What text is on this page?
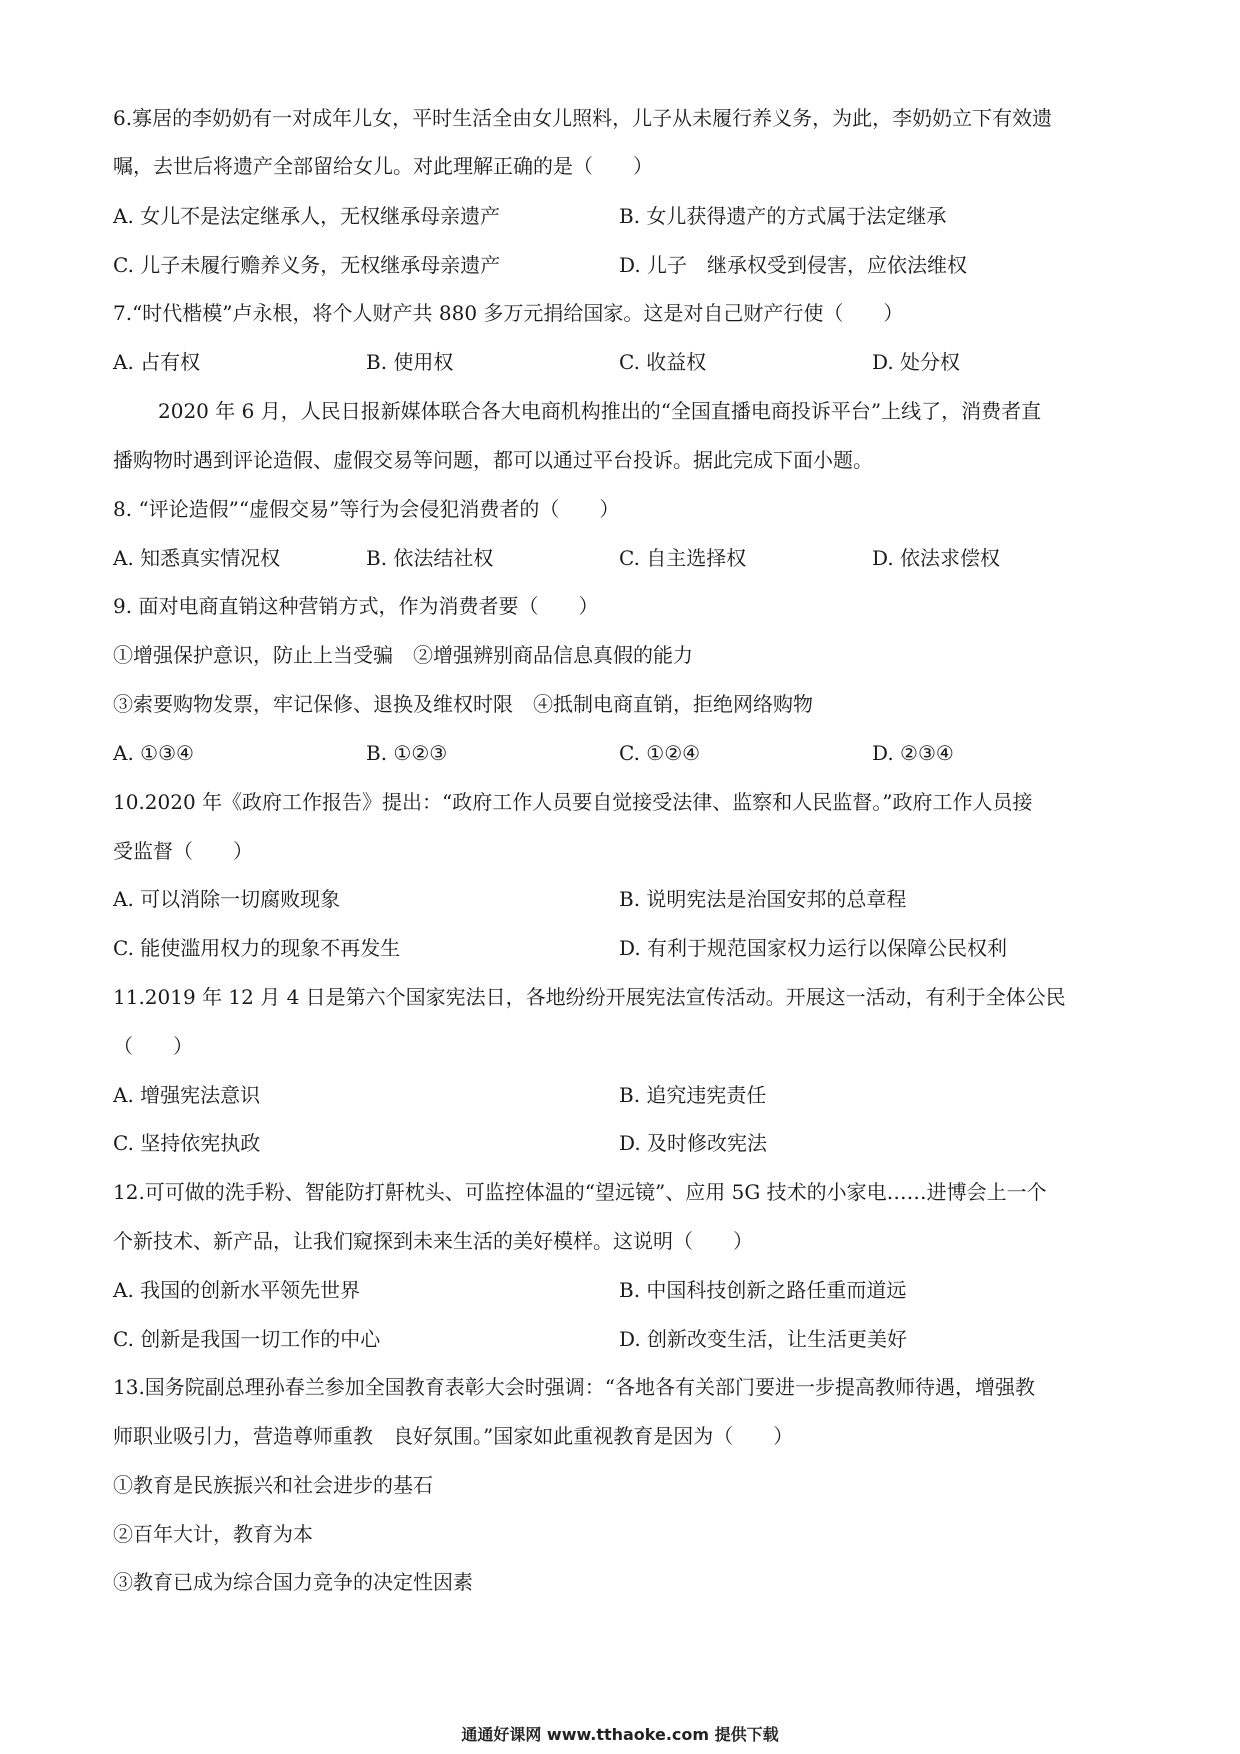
6.寡居的李奶奶有一对成年儿女，平时生活全由女儿照料，儿子从未履行养义务，为此，李奶奶立下有效遗
嘱，去世后将遗产全部留给女儿。对此理解正确的是（　　）
A. 女儿不是法定继承人，无权继承母亲遗产	B. 女儿获得遗产的方式属于法定继承
C. 儿子未履行赡养义务，无权继承母亲遗产	D. 儿子　继承权受到侵害，应依法维权
7.“时代楷模”卢永根，将个人财产共 880 多万元捐给国家。这是对自己财产行使（　　）
A. 占有权	B. 使用权	C. 收益权	D. 处分权
2020 年 6 月，人民日报新媒体联合各大电商机构推出的“全国直播电商投诉平台”上线了，消费者直
播购物时遇到评论造假、虚假交易等问题，都可以通过平台投诉。据此完成下面小题。
8. “评论造假”“虚假交易”等行为会侵犯消费者的（　　）
A. 知悉真实情况权	B. 依法结社权	C. 自主选择权	D. 依法求偿权
9. 面对电商直销这种营销方式，作为消费者要（　　）
①增强保护意识，防止上当受骗　②增强辨别商品信息真假的能力
③索要购物发票，牢记保修、退换及维权时限　④抵制电商直销，拒绝网络购物
A. ①③④	B. ①②③	C. ①②④	D. ②③④
10.2020 年《政府工作报告》提出：“政府工作人员要自觉接受法律、监察和人民监督。”政府工作人员接
受监督（　　）
A. 可以消除一切腐败现象	B. 说明宪法是治国安邦的总章程
C. 能使滥用权力的现象不再发生	D. 有利于规范国家权力运行以保障公民权利
11.2019 年 12 月 4 日是第六个国家宪法日，各地纷纷开展宪法宣传活动。开展这一活动，有利于全体公民
（　　）
A. 增强宪法意识	B. 追究违宪责任
C. 坚持依宪执政	D. 及时修改宪法
12.可可做的洗手粉、智能防打鼾枕头、可监控体温的“望远镜”、应用 5G 技术的小家电……进博会上一个
个新技术、新产品，让我们窥探到未来生活的美好模样。这说明（　　）
A. 我国的创新水平领先世界	B. 中国科技创新之路任重而道远
C. 创新是我国一切工作的中心	D. 创新改变生活，让生活更美好
13.国务院副总理孙春兰参加全国教育表彰大会时强调：“各地各有关部门要进一步提高教师待遇，增强教
师职业吸引力，营造尊师重教　良好氛围。”国家如此重视教育是因为（　　）
①教育是民族振兴和社会进步的基石
②百年大计，教育为本
③教育已成为综合国力竞争的决定性因素
通通好课网 www.tthaoke.com 提供下载
